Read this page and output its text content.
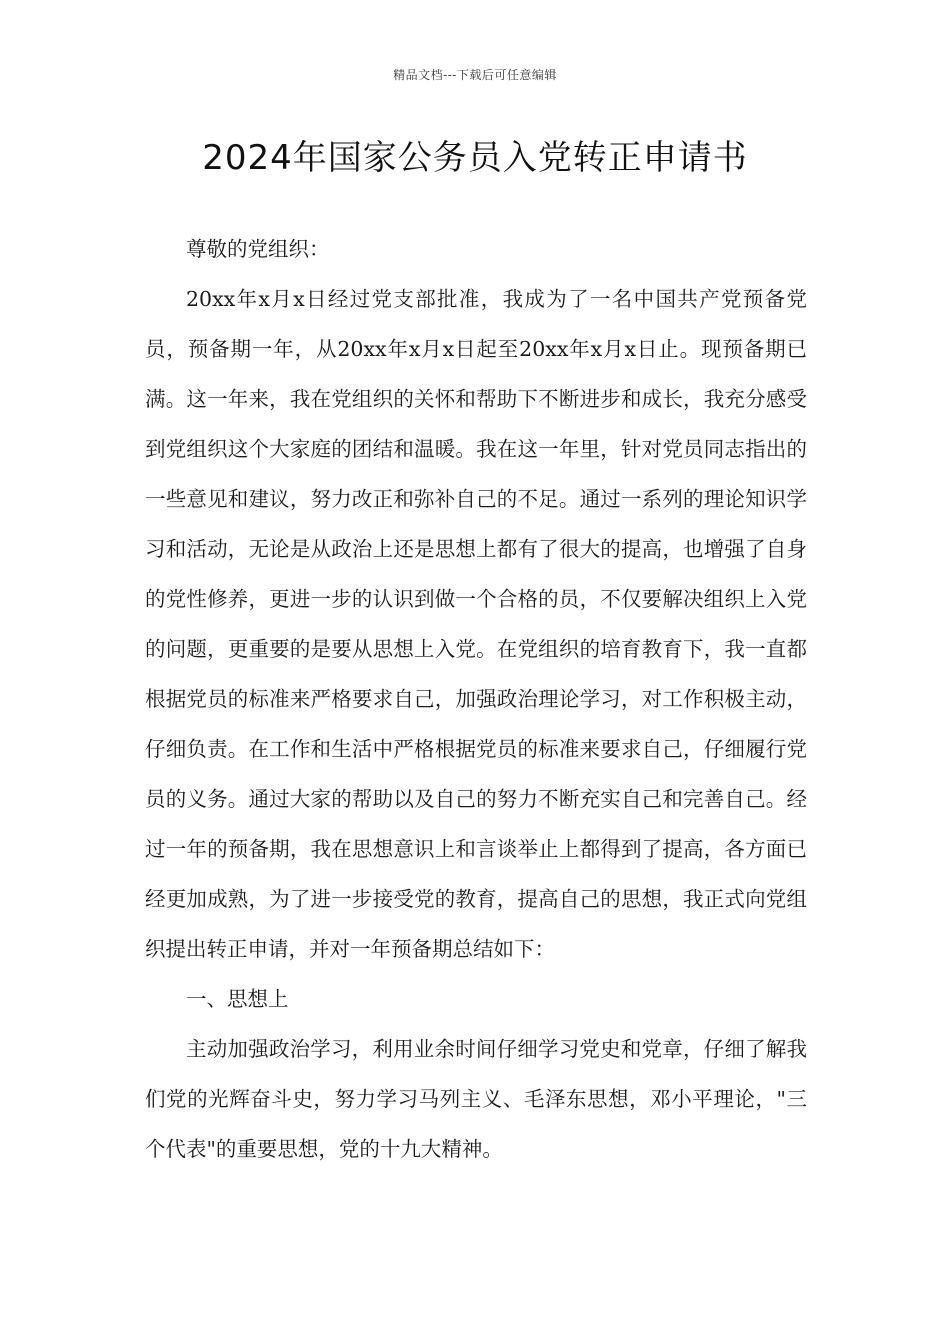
精品文档---下载后可任意编辑
2024年国家公务员入党转正申请书

尊敬的党组织：

20xx年x月x日经过党支部批准，我成为了一名中国共产党预备党员，预备期一年，从20xx年x月x日起至20xx年x月x日止。现预备期已满。这一年来，我在党组织的关怀和帮助下不断进步和成长，我充分感受到党组织这个大家庭的团结和温暖。我在这一年里，针对党员同志指出的一些意见和建议，努力改正和弥补自己的不足。通过一系列的理论知识学习和活动，无论是从政治上还是思想上都有了很大的提高，也增强了自身的党性修养，更进一步的认识到做一个合格的员，不仅要解决组织上入党的问题，更重要的是要从思想上入党。在党组织的培育教育下，我一直都根据党员的标准来严格要求自己，加强政治理论学习，对工作积极主动，仔细负责。在工作和生活中严格根据党员的标准来要求自己，仔细履行党员的义务。通过大家的帮助以及自己的努力不断充实自己和完善自己。经过一年的预备期，我在思想意识上和言谈举止上都得到了提高，各方面已经更加成熟，为了进一步接受党的教育，提高自己的思想，我正式向党组织提出转正申请，并对一年预备期总结如下：

一、思想上

主动加强政治学习，利用业余时间仔细学习党史和党章，仔细了解我们党的光辉奋斗史，努力学习马列主义、毛泽东思想，邓小平理论，"三个代表"的重要思想，党的十九大精神。
